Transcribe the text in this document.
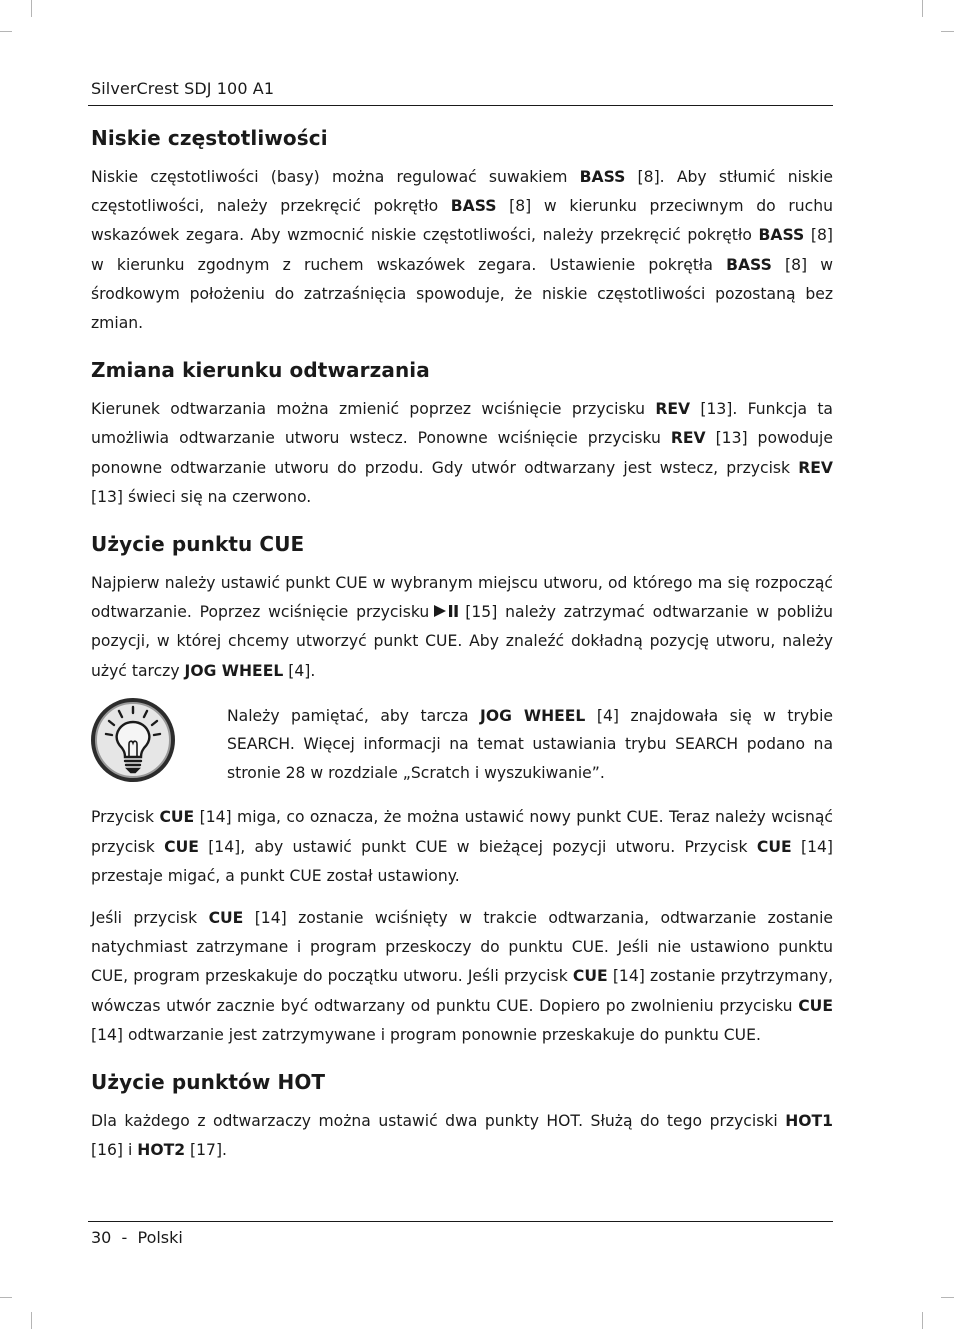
SilverCrest SDJ 100 A1
Niskie częstotliwości

Niskie częstotliwości (basy) można regulować suwakiem BASS [8]. Aby stłumić niskie częstotliwości, należy przekręcić pokrętło BASS [8] w kierunku przeciwnym do ruchu wskazówek zegara. Aby wzmocnić niskie częstotliwości, należy przekręcić pokrętło BASS [8] w kierunku zgodnym z ruchem wskazówek zegara. Ustawienie pokrętła BASS [8] w środkowym położeniu do zatrzaśnięcia spowoduje, że niskie częstotliwości pozostaną bez zmian.

Zmiana kierunku odtwarzania

Kierunek odtwarzania można zmienić poprzez wciśnięcie przycisku REV [13]. Funkcja ta umożliwia odtwarzanie utworu wstecz. Ponowne wciśnięcie przycisku REV [13] powoduje ponowne odtwarzanie utworu do przodu. Gdy utwór odtwarzany jest wstecz, przycisk REV [13] świeci się na czerwono.

Użycie punktu CUE

Najpierw należy ustawić punkt CUE w wybranym miejscu utworu, od którego ma się rozpocząć odtwarzanie. Poprzez wciśnięcie przycisku [15] należy zatrzymać odtwarzanie w pobliżu pozycji, w której chcemy utworzyć punkt CUE. Aby znaleźć dokładną pozycję utworu, należy użyć tarczy JOG WHEEL [4].

Należy pamiętać, aby tarcza JOG WHEEL [4] znajdowała się w trybie SEARCH. Więcej informacji na temat ustawiania trybu SEARCH podano na stronie 28 w rozdziale „Scratch i wyszukiwanie”.

Przycisk CUE [14] miga, co oznacza, że można ustawić nowy punkt CUE. Teraz należy wcisnąć przycisk CUE [14], aby ustawić punkt CUE w bieżącej pozycji utworu. Przycisk CUE [14] przestaje migać, a punkt CUE został ustawiony.

Jeśli przycisk CUE [14] zostanie wciśnięty w trakcie odtwarzania, odtwarzanie zostanie natychmiast zatrzymane i program przeskoczy do punktu CUE. Jeśli nie ustawiono punktu CUE, program przeskakuje do początku utworu. Jeśli przycisk CUE [14] zostanie przytrzymany, wówczas utwór zacznie być odtwarzany od punktu CUE. Dopiero po zwolnieniu przycisku CUE [14] odtwarzanie jest zatrzymywane i program ponownie przeskakuje do punktu CUE.

Użycie punktów HOT

Dla każdego z odtwarzaczy można ustawić dwa punkty HOT. Służą do tego przyciski HOT1 [16] i HOT2 [17].

30 - Polski
